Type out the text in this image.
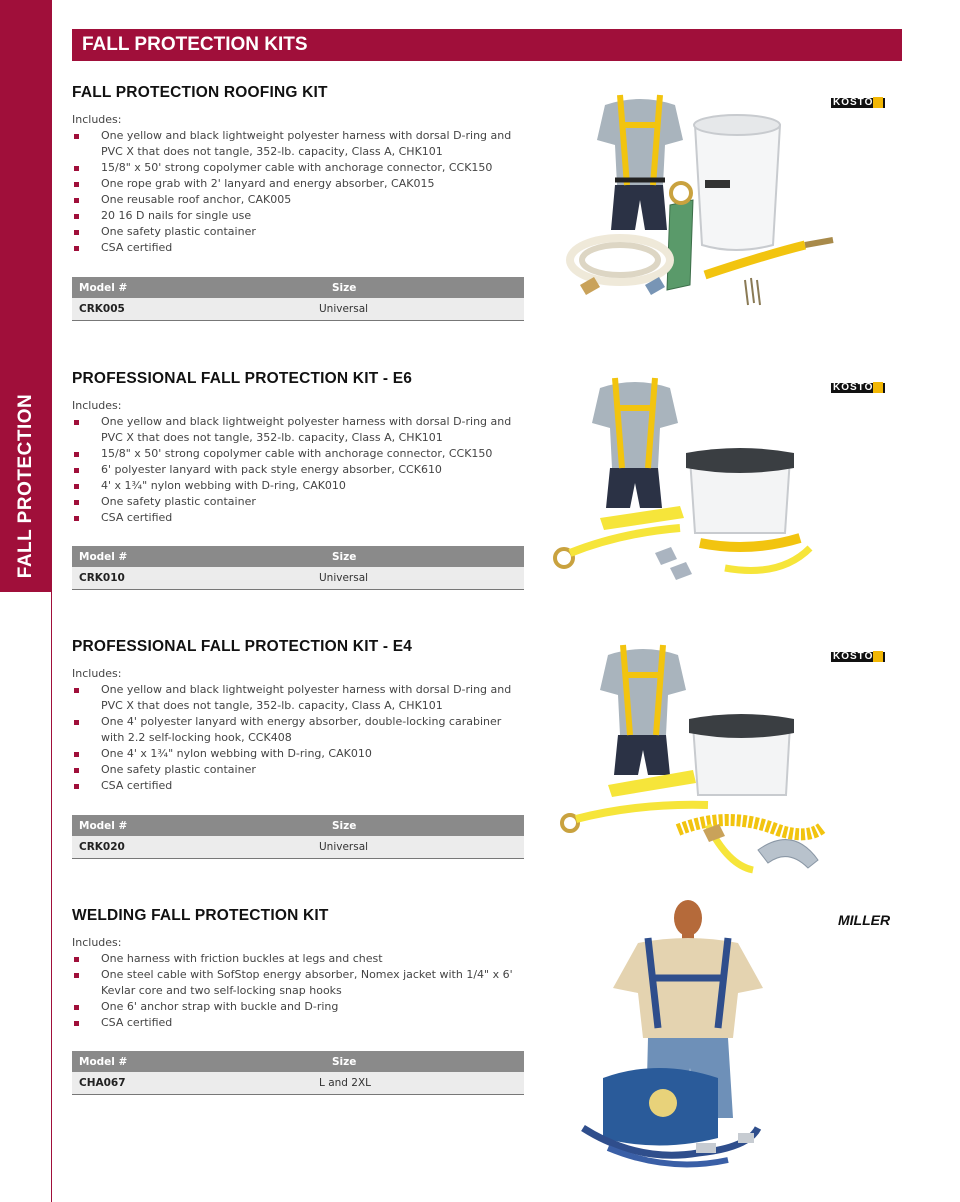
FALL PROTECTION
FALL PROTECTION KITS
FALL PROTECTION ROOFING KIT
Includes:
One yellow and black lightweight polyester harness with dorsal D-ring and PVC X that does not tangle, 352-lb. capacity, Class A, CHK101
15/8" x 50' strong copolymer cable with anchorage connector, CCK150
One rope grab with 2' lanyard and energy absorber, CAK015
One reusable roof anchor, CAK005
20 16 D nails for single use
One safety plastic container
CSA certified
Model #	Size
CRK005	Universal
PROFESSIONAL FALL PROTECTION KIT - E6
Includes:
One yellow and black lightweight polyester harness with dorsal D-ring and PVC X that does not tangle, 352-lb. capacity, Class A, CHK101
15/8" x 50' strong copolymer cable with anchorage connector, CCK150
6' polyester lanyard with pack style energy absorber, CCK610
4' x 1¾" nylon webbing with D-ring, CAK010
One safety plastic container
CSA certified
Model #	Size
CRK010	Universal
PROFESSIONAL FALL PROTECTION KIT - E4
Includes:
One yellow and black lightweight polyester harness with dorsal D-ring and PVC X that does not tangle, 352-lb. capacity, Class A, CHK101
One 4' polyester lanyard with energy absorber, double-locking carabiner with 2.2 self-locking hook, CCK408
One 4' x 1¾" nylon webbing with D-ring, CAK010
One safety plastic container
CSA certified
Model #	Size
CRK020	Universal
WELDING FALL PROTECTION KIT
Includes:
One harness with friction buckles at legs and chest
One steel cable with SofStop energy absorber, Nomex jacket with 1/4" x 6' Kevlar core and two self-locking snap hooks
One 6' anchor strap with buckle and D-ring
CSA certified
Model #	Size
CHA067	L and 2XL
KOSTO
KOSTO
KOSTO
MILLER
